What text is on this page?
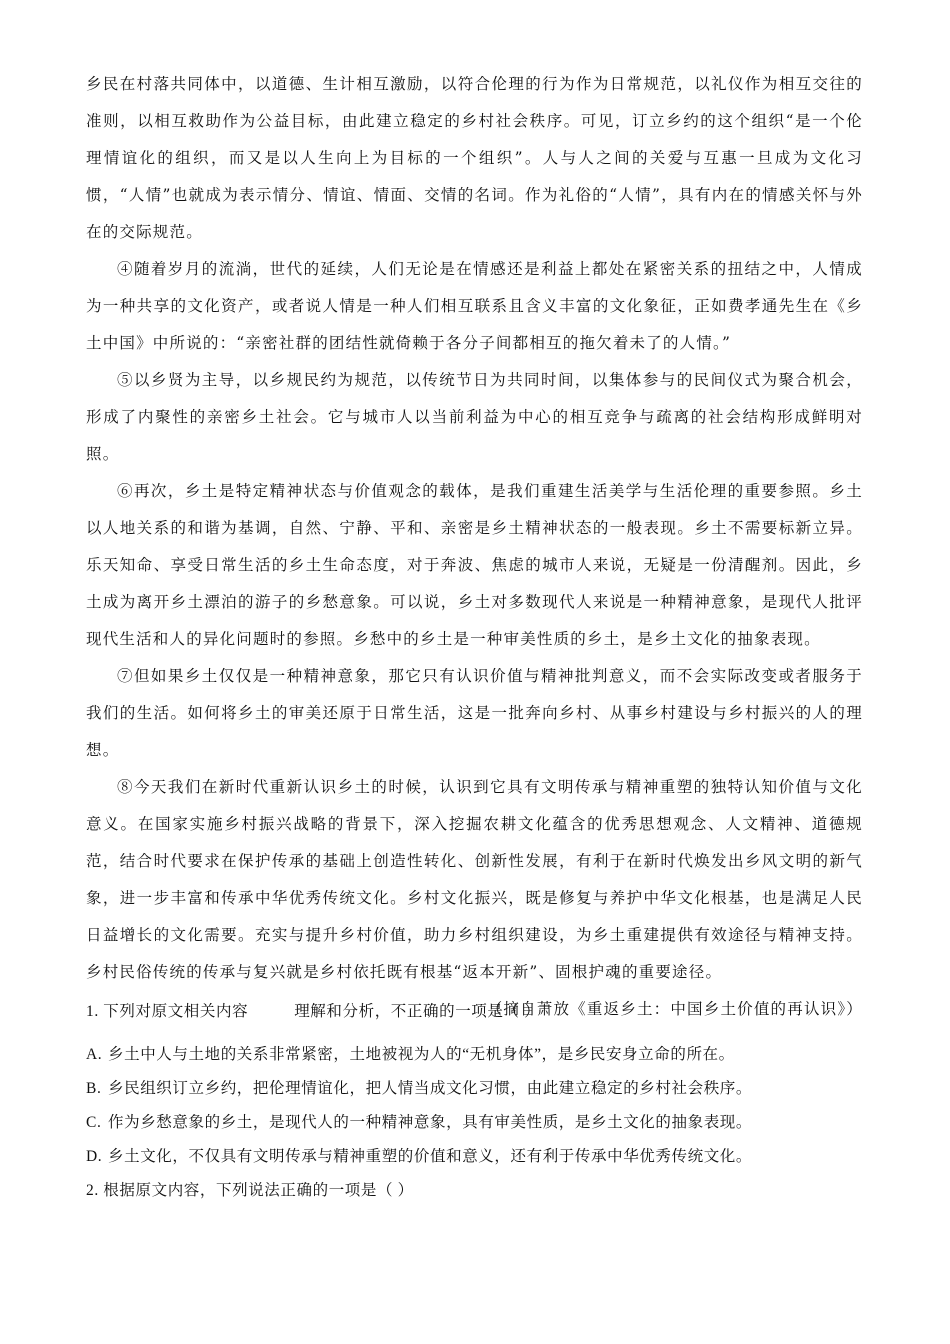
乡民在村落共同体中，以道德、生计相互激励，以符合伦理的行为作为日常规范，以礼仪作为相互交往的准则，以相互救助作为公益目标，由此建立稳定的乡村社会秩序。可见，订立乡约的这个组织“是一个伦理情谊化的组织，而又是以人生向上为目标的一个组织”。人与人之间的关爱与互惠一旦成为文化习惯，“人情”也就成为表示情分、情谊、情面、交情的名词。作为礼俗的“人情”，具有内在的情感关怀与外在的交际规范。

④随着岁月的流淌，世代的延续，人们无论是在情感还是利益上都处在紧密关系的扭结之中，人情成为一种共享的文化资产，或者说人情是一种人们相互联系且含义丰富的文化象征，正如费孝通先生在《乡土中国》中所说的：“亲密社群的团结性就倚赖于各分子间都相互的拖欠着未了的人情。”

⑤以乡贤为主导，以乡规民约为规范，以传统节日为共同时间，以集体参与的民间仪式为聚合机会，形成了内聚性的亲密乡土社会。它与城市人以当前利益为中心的相互竞争与疏离的社会结构形成鲜明对照。

⑥再次，乡土是特定精神状态与价值观念的载体，是我们重建生活美学与生活伦理的重要参照。乡土以人地关系的和谐为基调，自然、宁静、平和、亲密是乡土精神状态的一般表现。乡土不需要标新立异。乐天知命、享受日常生活的乡土生命态度，对于奔波、焦虑的城市人来说，无疑是一份清醒剂。因此，乡土成为离开乡土漂泊的游子的乡愁意象。可以说，乡土对多数现代人来说是一种精神意象，是现代人批评现代生活和人的异化问题时的参照。乡愁中的乡土是一种审美性质的乡土，是乡土文化的抽象表现。

⑦但如果乡土仅仅是一种精神意象，那它只有认识价值与精神批判意义，而不会实际改变或者服务于我们的生活。如何将乡土的审美还原于日常生活，这是一批奔向乡村、从事乡村建设与乡村振兴的人的理想。

⑧今天我们在新时代重新认识乡土的时候，认识到它具有文明传承与精神重塑的独特认知价值与文化意义。在国家实施乡村振兴战略的背景下，深入挖掘农耕文化蕴含的优秀思想观念、人文精神、道德规范，结合时代要求在保护传承的基础上创造性转化、创新性发展，有利于在新时代焕发出乡风文明的新气象，进一步丰富和传承中华优秀传统文化。乡村文化振兴，既是修复与养护中华文化根基，也是满足人民日益增长的文化需要。充实与提升乡村价值，助力乡村组织建设，为乡土重建提供有效途径与精神支持。乡村民俗传统的传承与复兴就是乡村依托既有根基“返本开新”、固根护魂的重要途径。

（摘自萧放《重返乡土：中国乡土价值的再认识》）

1. 下列对原文相关内容	理解和分析，不正确的一项是（ ）

A. 乡土中人与土地的关系非常紧密，土地被视为人的“无机身体”，是乡民安身立命的所在。

B. 乡民组织订立乡约，把伦理情谊化，把人情当成文化习惯，由此建立稳定的乡村社会秩序。

C. 作为乡愁意象的乡土，是现代人的一种精神意象，具有审美性质，是乡土文化的抽象表现。

D. 乡土文化，不仅具有文明传承与精神重塑的价值和意义，还有利于传承中华优秀传统文化。

2. 根据原文内容，下列说法正确的一项是（ ）
